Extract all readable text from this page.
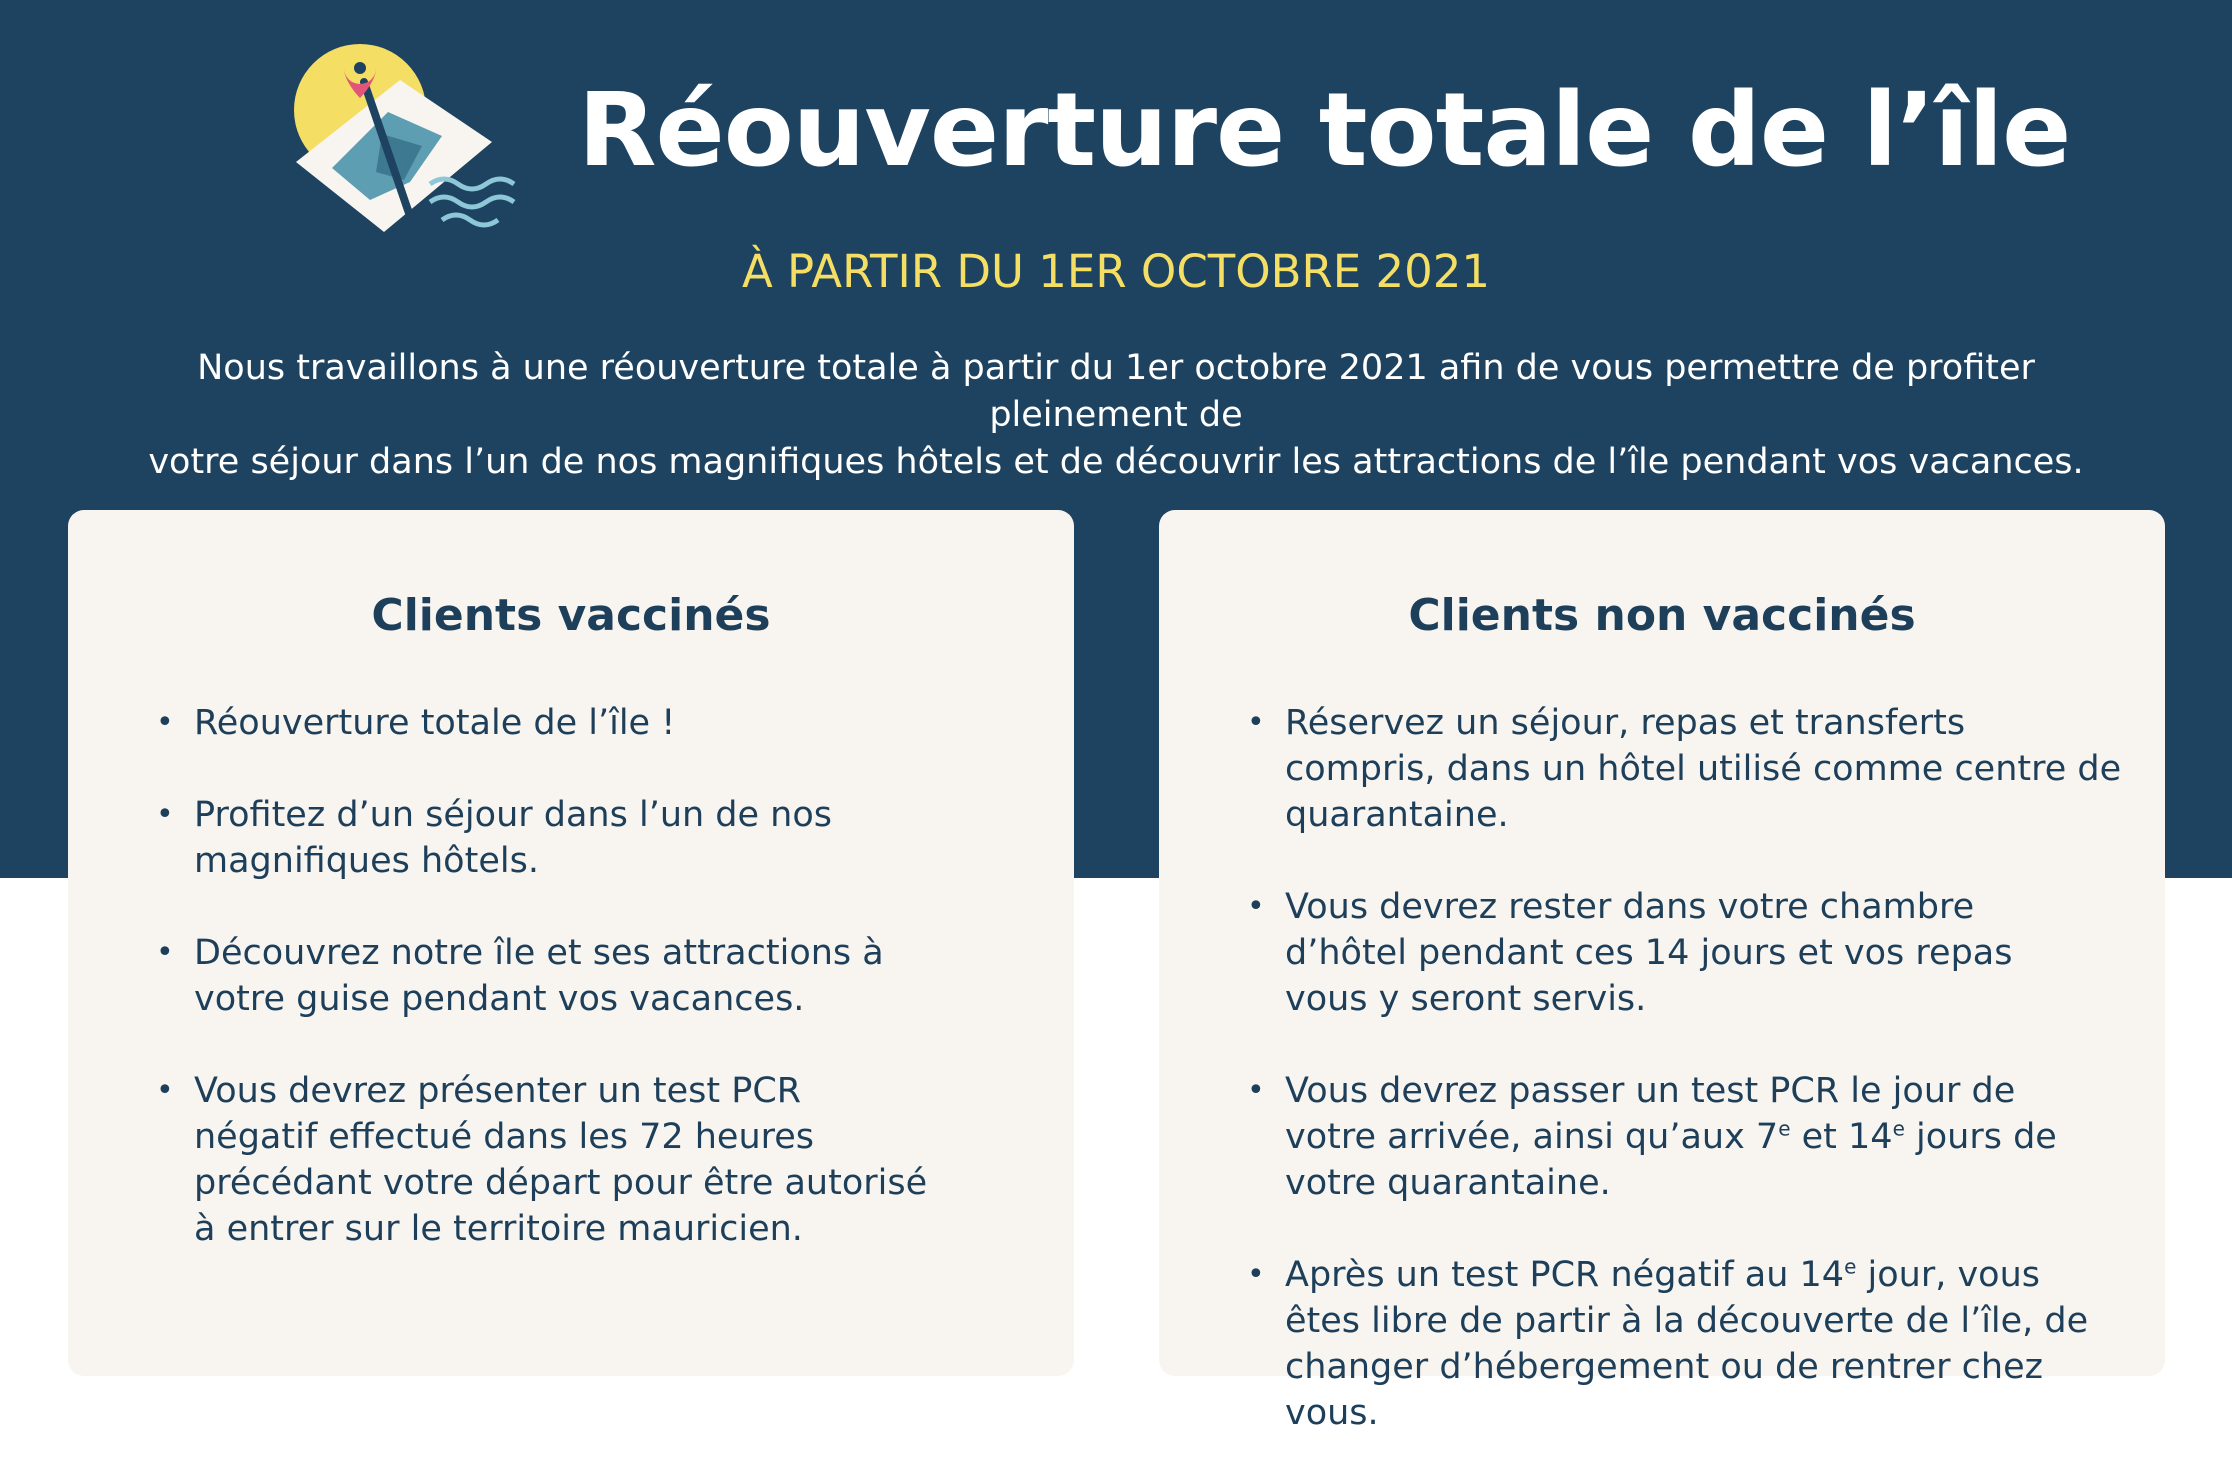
Réouverture totale de l’île
À PARTIR DU 1ER OCTOBRE 2021
Nous travaillons à une réouverture totale à partir du 1er octobre 2021 afin de vous permettre de profiter pleinement de
votre séjour dans l’un de nos magnifiques hôtels et de découvrir les attractions de l’île pendant vos vacances.
Clients vaccinés
• Réouverture totale de l’île !
• Profitez d’un séjour dans l’un de nos magnifiques hôtels.
• Découvrez notre île et ses attractions à votre guise pendant vos vacances.
• Vous devrez présenter un test PCR négatif effectué dans les 72 heures précédant votre départ pour être autorisé à entrer sur le territoire mauricien.
Clients non vaccinés
• Réservez un séjour, repas et transferts compris, dans un hôtel utilisé comme centre de quarantaine.
• Vous devrez rester dans votre chambre d’hôtel pendant ces 14 jours et vos repas vous y seront servis.
• Vous devrez passer un test PCR le jour de votre arrivée, ainsi qu’aux 7e et 14e jours de votre quarantaine.
• Après un test PCR négatif au 14e jour, vous êtes libre de partir à la découverte de l’île, de changer d’hébergement ou de rentrer chez vous.
